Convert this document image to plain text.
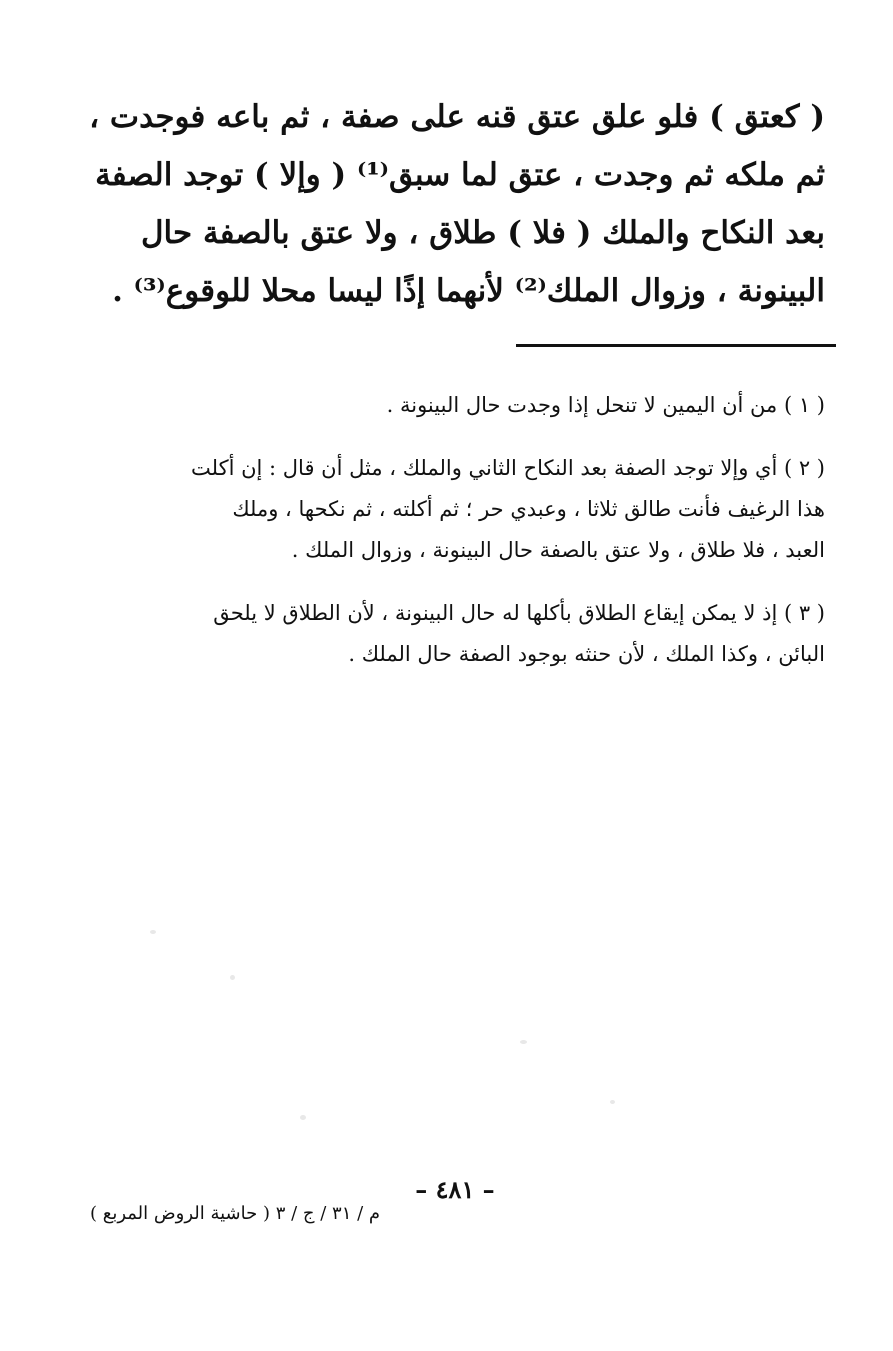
( كعتق ) فلو علق عتق قنه على صفة ، ثم باعه فوجدت ،
ثم ملكه ثم وجدت ، عتق لما سبق⁽¹⁾ ( وإلا ) توجد الصفة
بعد النكاح والملك ( فلا ) طلاق ، ولا عتق بالصفة حال
البينونة ، وزوال الملك⁽²⁾ لأنهما إذًا ليسا محلا للوقوع⁽³⁾ .
( ١ ) من أن اليمين لا تنحل إذا وجدت حال البينونة .
( ٢ ) أي وإلا توجد الصفة بعد النكاح الثاني والملك ، مثل أن قال : إن أكلت
هذا الرغيف فأنت طالق ثلاثا ، وعبدي حر ؛ ثم أكلته ، ثم نكحها ، وملك
العبد ، فلا طلاق ، ولا عتق بالصفة حال البينونة ، وزوال الملك .
( ٣ ) إذ لا يمكن إيقاع الطلاق بأكلها له حال البينونة ، لأن الطلاق لا يلحق
البائن ، وكذا الملك ، لأن حنثه بوجود الصفة حال الملك .
– ٤٨١ –
م / ٣١ / ج / ٣ ( حاشية الروض المربع )
